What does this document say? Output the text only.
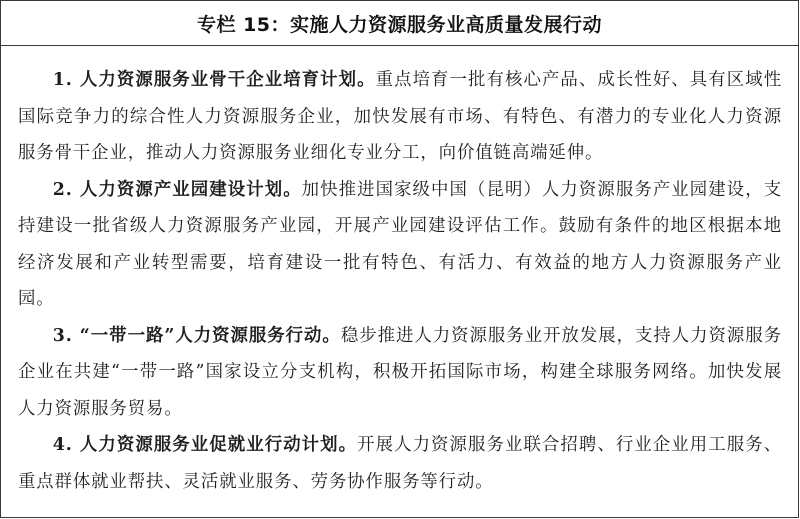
专栏 15：实施人力资源服务业高质量发展行动

1. 人力资源服务业骨干企业培育计划。重点培育一批有核心产品、成长性好、具有区域性国际竞争力的综合性人力资源服务企业，加快发展有市场、有特色、有潜力的专业化人力资源服务骨干企业，推动人力资源服务业细化专业分工，向价值链高端延伸。

2. 人力资源产业园建设计划。加快推进国家级中国（昆明）人力资源服务产业园建设，支持建设一批省级人力资源服务产业园，开展产业园建设评估工作。鼓励有条件的地区根据本地经济发展和产业转型需要，培育建设一批有特色、有活力、有效益的地方人力资源服务产业园。

3. “一带一路”人力资源服务行动。稳步推进人力资源服务业开放发展，支持人力资源服务企业在共建“一带一路”国家设立分支机构，积极开拓国际市场，构建全球服务网络。加快发展人力资源服务贸易。

4. 人力资源服务业促就业行动计划。开展人力资源服务业联合招聘、行业企业用工服务、重点群体就业帮扶、灵活就业服务、劳务协作服务等行动。
